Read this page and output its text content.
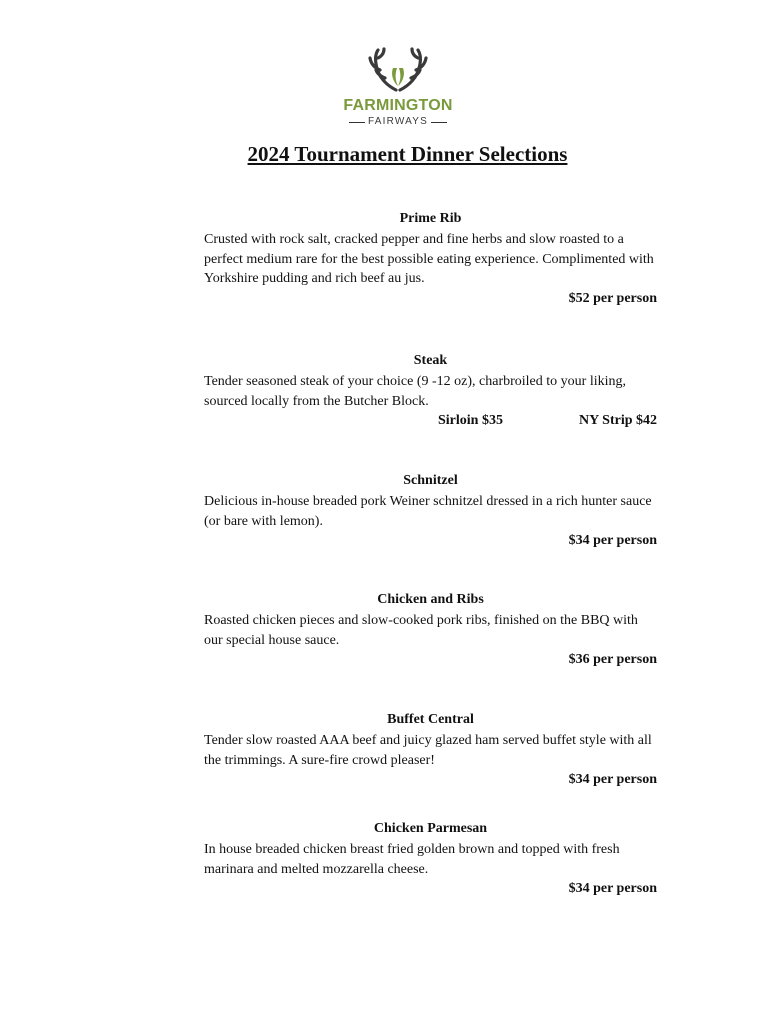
FARMINGTON
FAIRWAYS
2024 Tournament Dinner Selections
Prime Rib

Crusted with rock salt, cracked pepper and fine herbs and slow roasted to a perfect medium rare for the best possible eating experience. Complimented with Yorkshire pudding and rich beef au jus.

$52 per person
Steak

Tender seasoned steak of your choice (9 -12 oz), charbroiled to your liking, sourced locally from the Butcher Block.

Sirloin $35	NY Strip $42
Schnitzel

Delicious in-house breaded pork Weiner schnitzel dressed in a rich hunter sauce (or bare with lemon).

$34 per person
Chicken and Ribs

Roasted chicken pieces and slow-cooked pork ribs, finished on the BBQ with our special house sauce.

$36 per person
Buffet Central

Tender slow roasted AAA beef and juicy glazed ham served buffet style with all the trimmings. A sure-fire crowd pleaser!

$34 per person
Chicken Parmesan

In house breaded chicken breast fried golden brown and topped with fresh marinara and melted mozzarella cheese.

$34 per person
